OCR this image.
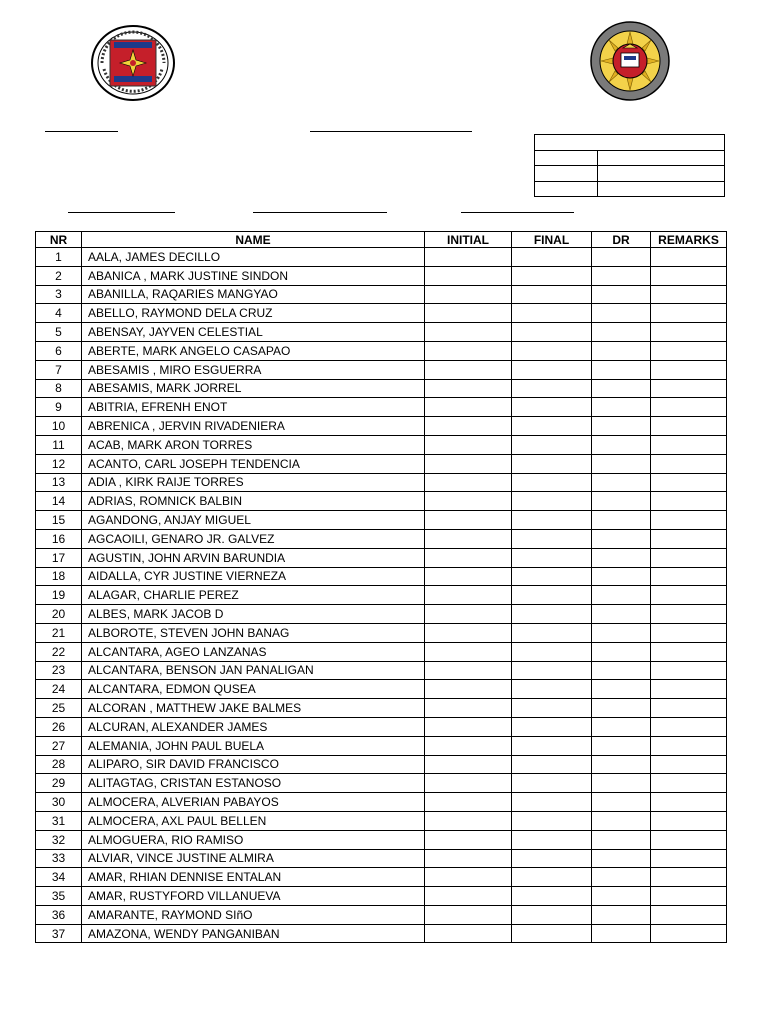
NR	NAME	INITIAL	FINAL	DR	REMARKS
1	AALA, JAMES DECILLO				
2	ABANICA , MARK JUSTINE SINDON				
3	ABANILLA, RAQARIES MANGYAO				
4	ABELLO, RAYMOND DELA CRUZ				
5	ABENSAY, JAYVEN CELESTIAL				
6	ABERTE, MARK ANGELO CASAPAO				
7	ABESAMIS , MIRO ESGUERRA				
8	ABESAMIS, MARK JORREL				
9	ABITRIA, EFRENH ENOT				
10	ABRENICA , JERVIN RIVADENIERA				
11	ACAB, MARK ARON TORRES				
12	ACANTO, CARL JOSEPH TENDENCIA				
13	ADIA , KIRK RAIJE TORRES				
14	ADRIAS, ROMNICK BALBIN				
15	AGANDONG, ANJAY MIGUEL				
16	AGCAOILI, GENARO JR. GALVEZ				
17	AGUSTIN, JOHN ARVIN BARUNDIA				
18	AIDALLA, CYR JUSTINE VIERNEZA				
19	ALAGAR, CHARLIE PEREZ				
20	ALBES, MARK JACOB D				
21	ALBOROTE, STEVEN JOHN BANAG				
22	ALCANTARA, AGEO LANZANAS				
23	ALCANTARA, BENSON JAN PANALIGAN				
24	ALCANTARA, EDMON QUSEA				
25	ALCORAN , MATTHEW JAKE BALMES				
26	ALCURAN, ALEXANDER JAMES				
27	ALEMANIA, JOHN PAUL BUELA				
28	ALIPARO, SIR DAVID FRANCISCO				
29	ALITAGTAG, CRISTAN ESTANOSO				
30	ALMOCERA, ALVERIAN PABAYOS				
31	ALMOCERA, AXL PAUL BELLEN				
32	ALMOGUERA, RIO RAMISO				
33	ALVIAR, VINCE JUSTINE ALMIRA				
34	AMAR, RHIAN DENNISE ENTALAN				
35	AMAR, RUSTYFORD VILLANUEVA				
36	AMARANTE, RAYMOND SIñO				
37	AMAZONA, WENDY PANGANIBAN				
